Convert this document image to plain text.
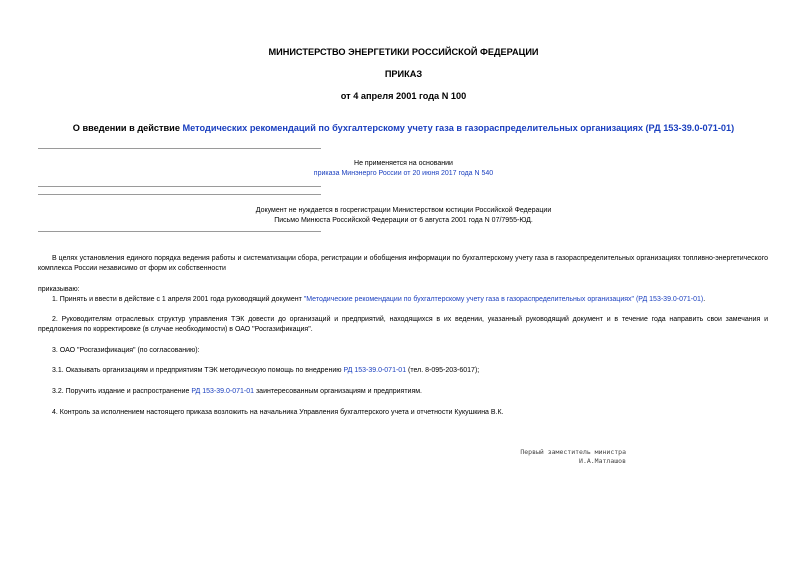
МИНИСТЕРСТВО ЭНЕРГЕТИКИ РОССИЙСКОЙ ФЕДЕРАЦИИ
ПРИКАЗ
от 4 апреля 2001 года N 100
О введении в действие Методических рекомендаций по бухгалтерскому учету газа в газораспределительных организациях (РД 153-39.0-071-01)
Не применяется на основании
приказа Минэнерго России от 20 июня 2017 года N 540
Документ не нуждается в госрегистрации Министерством юстиции Российской Федерации
Письмо Минюста Российской Федерации от 6 августа 2001 года N 07/7955-ЮД.
В целях установления единого порядка ведения работы и систематизации сбора, регистрации и обобщения информации по бухгалтерскому учету газа в газораспределительных организациях топливно-энергетического комплекса России независимо от форм их собственности
приказываю:
1. Принять и ввести в действие с 1 апреля 2001 года руководящий документ "Методические рекомендации по бухгалтерскому учету газа в газораспределительных организациях" (РД 153-39.0-071-01).
2. Руководителям отраслевых структур управления ТЭК довести до организаций и предприятий, находящихся в их ведении, указанный руководящий документ и в течение года направить свои замечания и предложения по корректировке (в случае необходимости) в ОАО "Росгазификация".
3. ОАО "Росгазификация" (по согласованию):
3.1. Оказывать организациям и предприятиям ТЭК методическую помощь по внедрению РД 153-39.0-071-01 (тел. 8-095-203-6017);
3.2. Поручить издание и распространение РД 153-39.0-071-01 заинтересованным организациям и предприятиям.
4. Контроль за исполнением настоящего приказа возложить на начальника Управления бухгалтерского учета и отчетности Кукушкина В.К.
Первый заместитель министра
И.А.Матлашов
